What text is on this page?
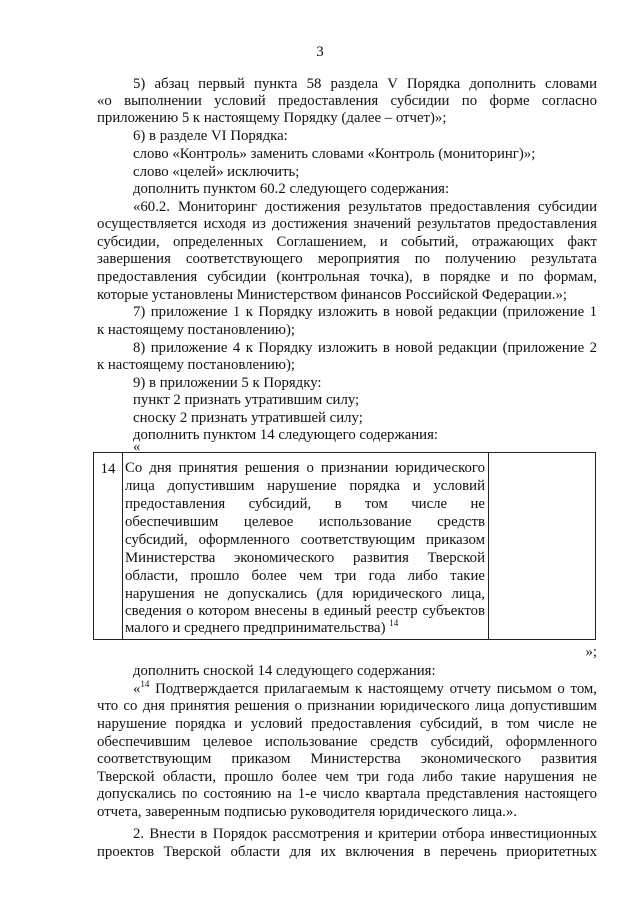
3
5) абзац первый пункта 58 раздела V Порядка дополнить словами
«о выполнении условий предоставления субсидии по форме согласно
приложению 5 к настоящему Порядку (далее – отчет)»;
6) в разделе VI Порядка:
слово «Контроль» заменить словами «Контроль (мониторинг)»;
слово «целей» исключить;
дополнить пунктом 60.2 следующего содержания:
«60.2. Мониторинг достижения результатов предоставления субсидии
осуществляется исходя из достижения значений результатов предоставления
субсидии, определенных Соглашением, и событий, отражающих факт
завершения соответствующего мероприятия по получению результата
предоставления субсидии (контрольная точка), в порядке и по формам,
которые установлены Министерством финансов Российской Федерации.»;
7) приложение 1 к Порядку изложить в новой редакции (приложение 1
к настоящему постановлению);
8) приложение 4 к Порядку изложить в новой редакции (приложение 2
к настоящему постановлению);
9) в приложении 5 к Порядку:
пункт 2 признать утратившим силу;
сноску 2 признать утратившей силу;
дополнить пунктом 14 следующего содержания:
«
14 Со дня принятия решения о признании юридического
лица допустившим нарушение порядка и условий
предоставления субсидий, в том числе не
обеспечившим целевое использование средств
субсидий, оформленного соответствующим приказом
Министерства экономического развития Тверской
области, прошло более чем три года либо такие
нарушения не допускались (для юридического лица,
сведения о котором внесены в единый реестр субъектов
малого и среднего предпринимательства) $^{14}$
»;
дополнить сноской 14 следующего содержания:
«$^{14}$ Подтверждается прилагаемым к настоящему отчету письмом о том,
что со дня принятия решения о признании юридического лица допустившим
нарушение порядка и условий предоставления субсидий, в том числе не
обеспечившим целевое использование средств субсидий, оформленного
соответствующим приказом Министерства экономического развития
Тверской области, прошло более чем три года либо такие нарушения не
допускались по состоянию на 1-е число квартала представления настоящего
отчета, заверенным подписью руководителя юридического лица.».
2. Внести в Порядок рассмотрения и критерии отбора инвестиционных
проектов Тверской области для их включения в перечень приоритетных
